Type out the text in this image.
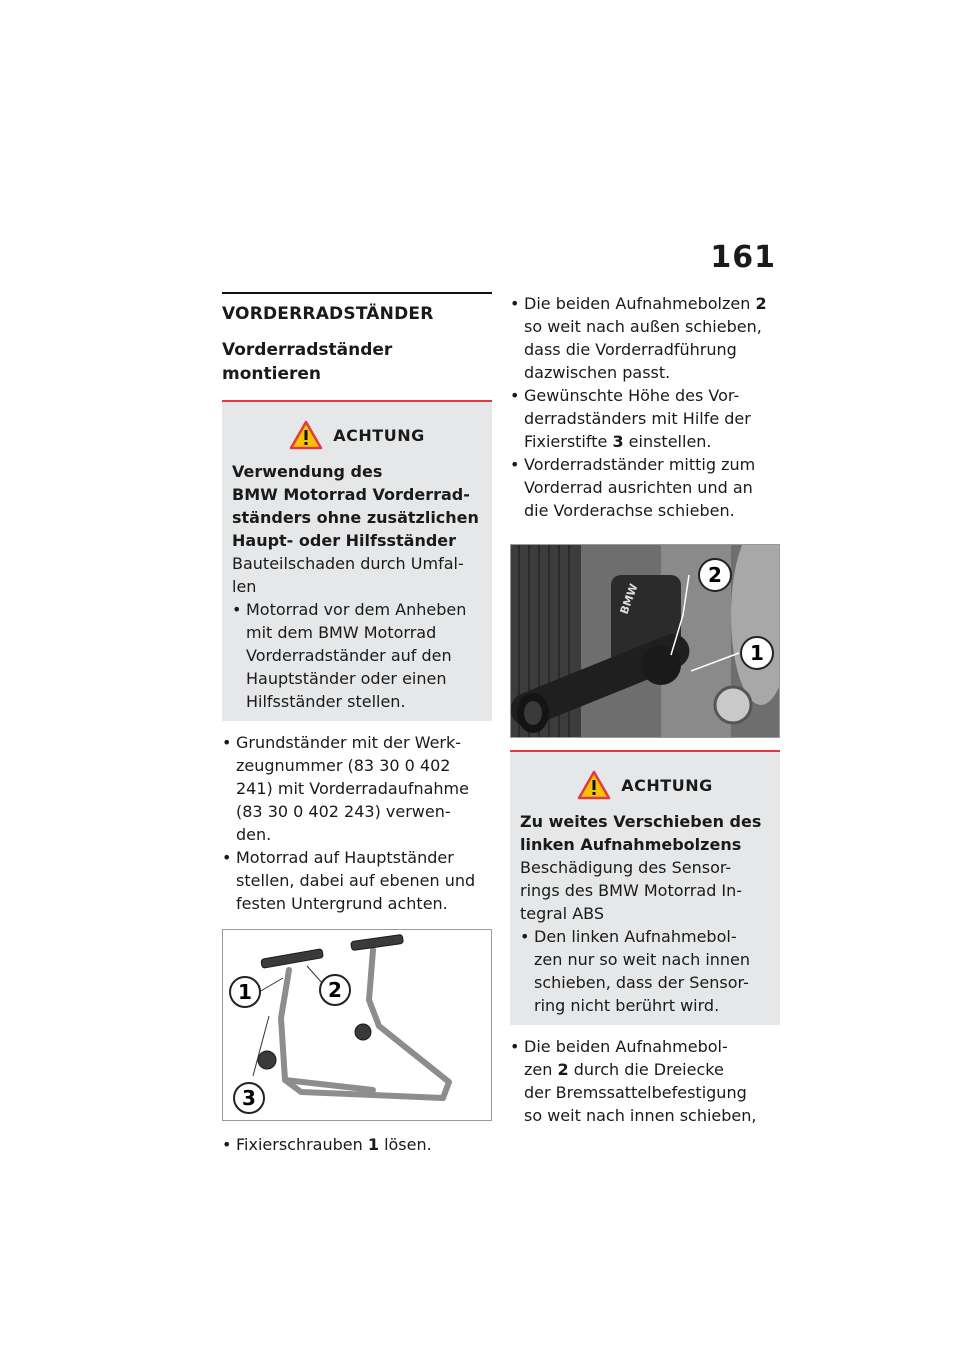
161
VORDERRADSTÄNDER
Vorderradständer montieren
ACHTUNG
Verwendung des
BMW Motorrad Vorderrad-
ständers ohne zusätzlichen
Haupt- oder Hilfsständer
Bauteilschaden durch Umfal-
len
• Motorrad vor dem Anheben
mit dem BMW Motorrad
Vorderradständer auf den
Hauptständer oder einen
Hilfsständer stellen.
• Grundständer mit der Werk-
zeugnummer (83 30 0 402
241) mit Vorderradaufnahme
(83 30 0 402 243) verwen-
den.
• Motorrad auf Hauptständer
stellen, dabei auf ebenen und
festen Untergrund achten.
1	2
3
• Fixierschrauben 1 lösen.
• Die beiden Aufnahmebolzen 2
so weit nach außen schieben,
dass die Vorderradführung
dazwischen passt.
• Gewünschte Höhe des Vor-
derradständers mit Hilfe der
Fixierstifte 3 einstellen.
• Vorderradständer mittig zum
Vorderrad ausrichten und an
die Vorderachse schieben.
BMW
2
1
ACHTUNG
Zu weites Verschieben des
linken Aufnahmebolzens
Beschädigung des Sensor-
rings des BMW Motorrad In-
tegral ABS
• Den linken Aufnahmebol-
zen nur so weit nach innen
schieben, dass der Sensor-
ring nicht berührt wird.
• Die beiden Aufnahmebol-
zen 2 durch die Dreiecke
der Bremssattelbefestigung
so weit nach innen schieben,
